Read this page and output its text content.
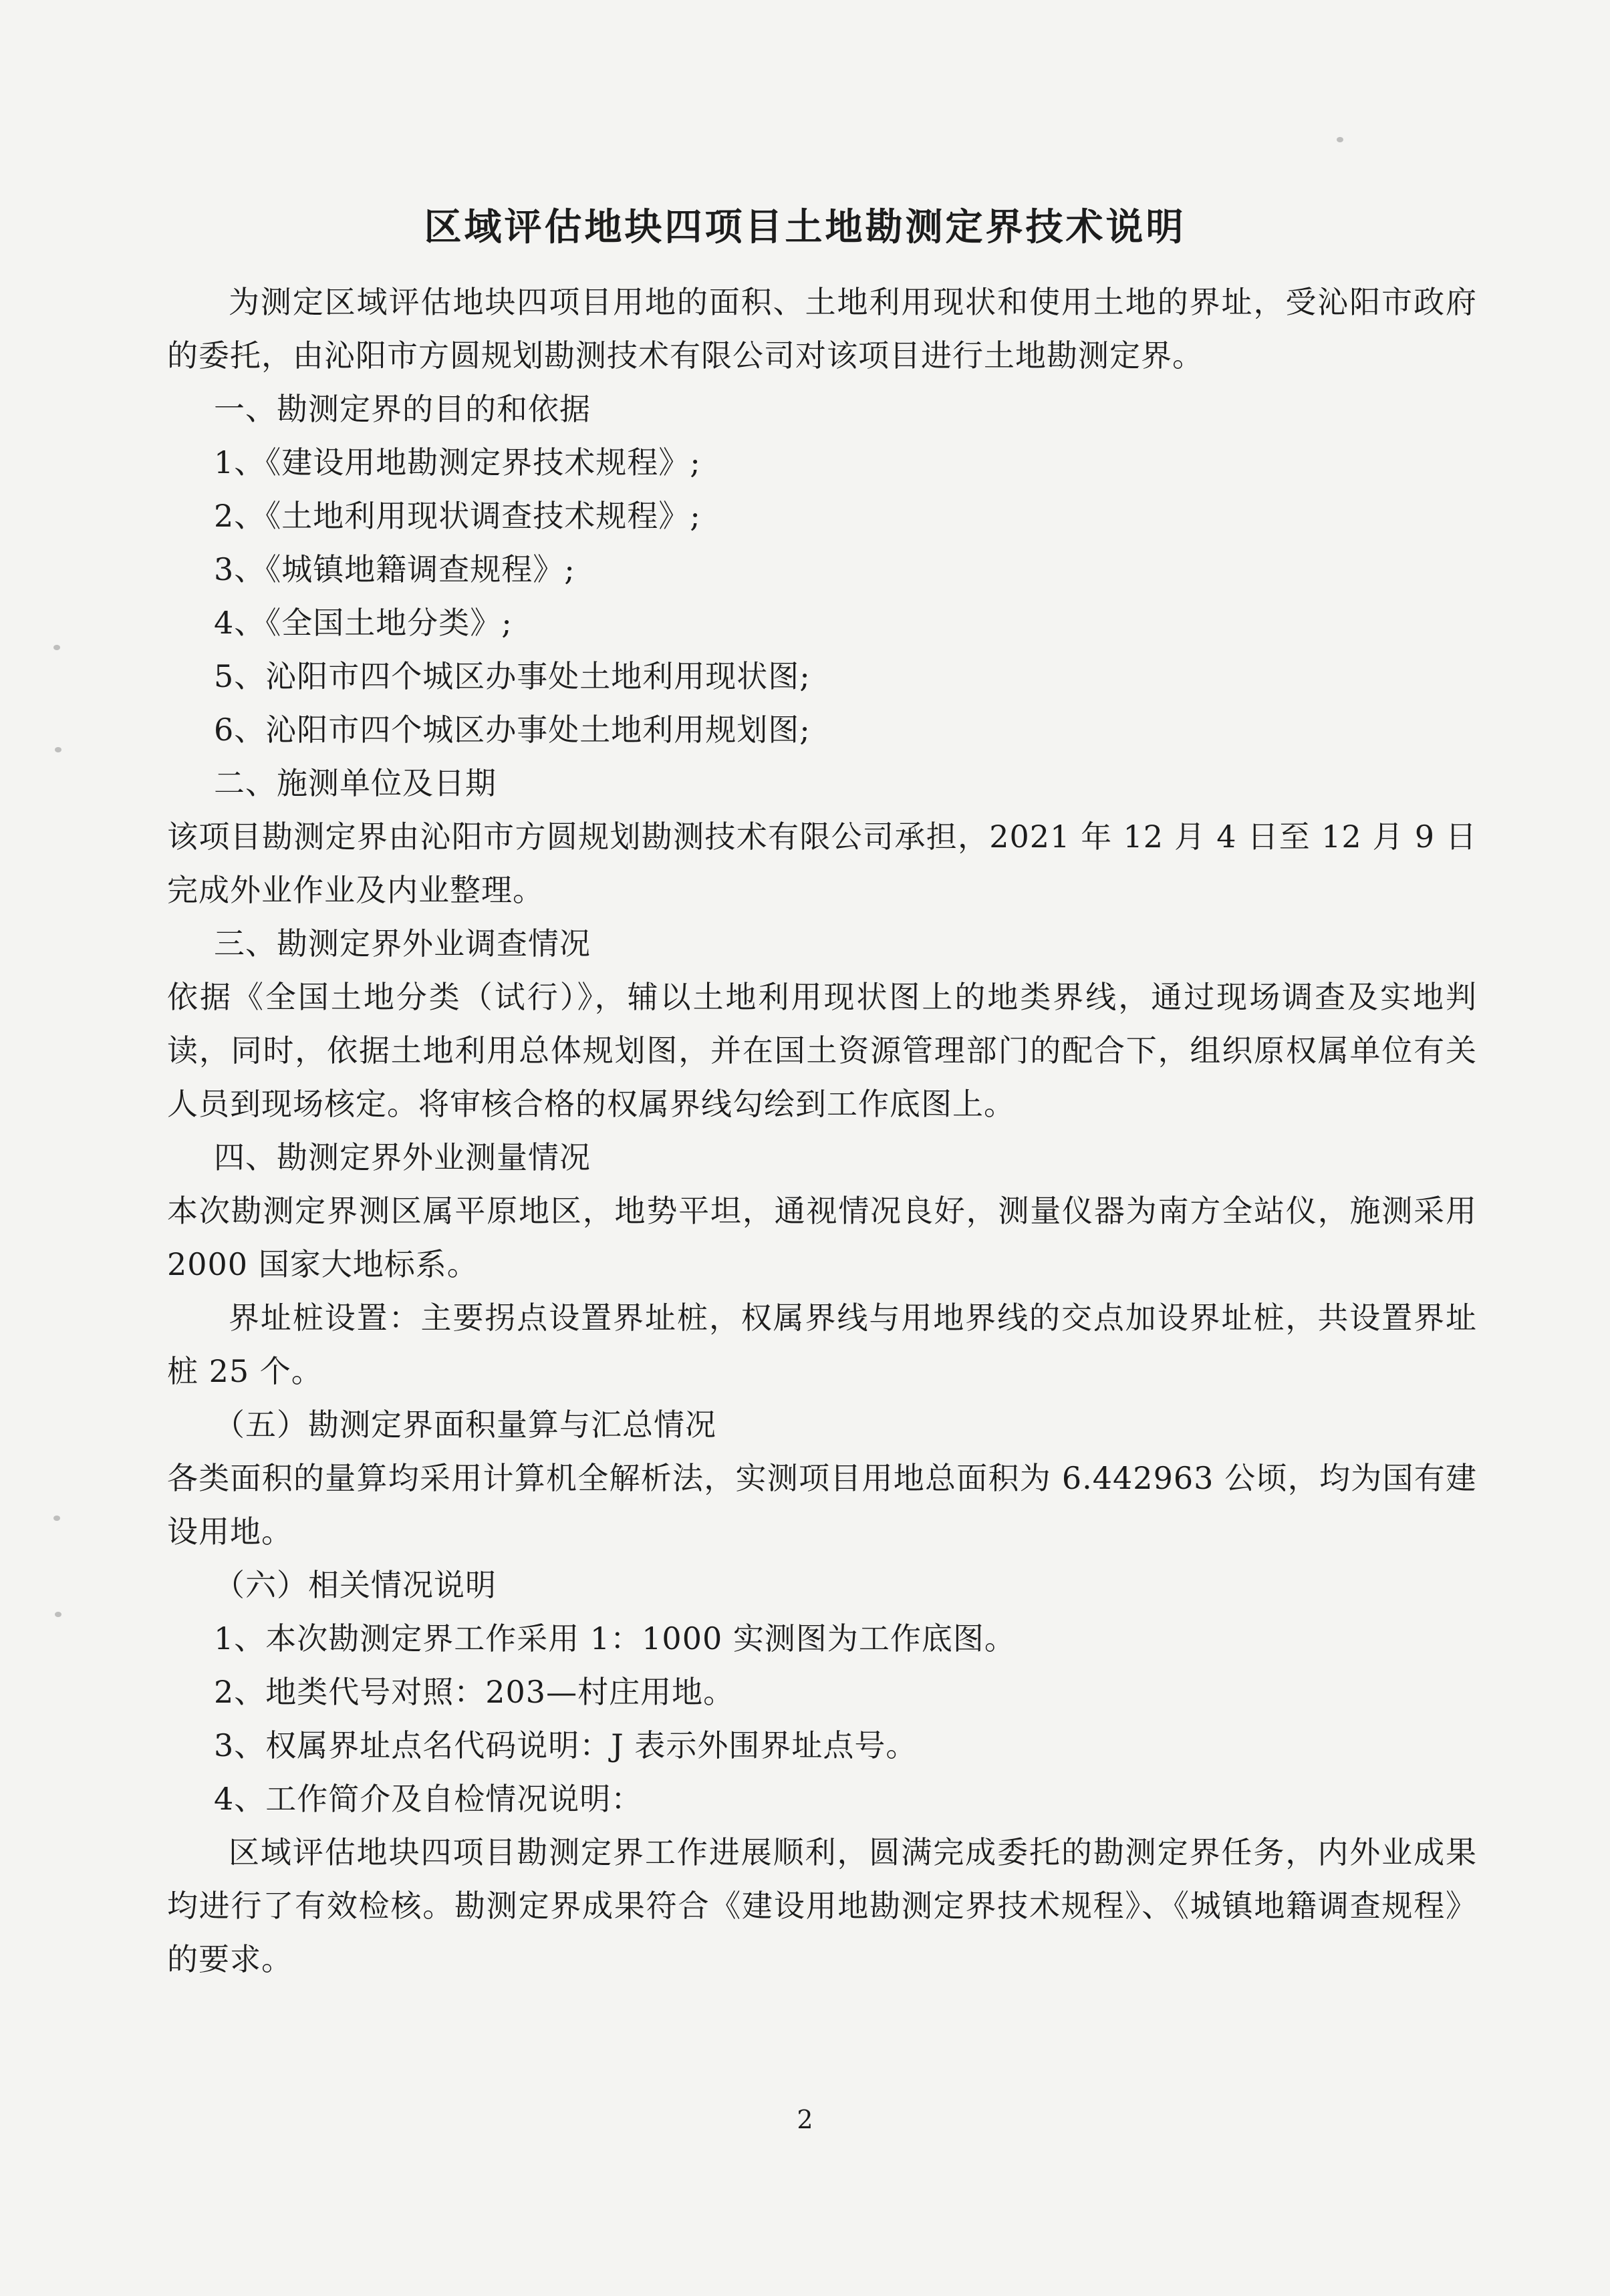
区域评估地块四项目土地勘测定界技术说明

为测定区域评估地块四项目用地的面积、土地利用现状和使用土地的界址，受沁阳市政府的委托，由沁阳市方圆规划勘测技术有限公司对该项目进行土地勘测定界。

一、勘测定界的目的和依据

1、《建设用地勘测定界技术规程》;

2、《土地利用现状调查技术规程》;

3、《城镇地籍调查规程》;

4、《全国土地分类》;

5、沁阳市四个城区办事处土地利用现状图;

6、沁阳市四个城区办事处土地利用规划图;

二、施测单位及日期

该项目勘测定界由沁阳市方圆规划勘测技术有限公司承担，2021 年 12 月 4 日至 12 月 9 日完成外业作业及内业整理。

三、勘测定界外业调查情况

依据《全国土地分类（试行）》，辅以土地利用现状图上的地类界线，通过现场调查及实地判读，同时，依据土地利用总体规划图，并在国土资源管理部门的配合下，组织原权属单位有关人员到现场核定。将审核合格的权属界线勾绘到工作底图上。

四、勘测定界外业测量情况

本次勘测定界测区属平原地区，地势平坦，通视情况良好，测量仪器为南方全站仪，施测采用 2000 国家大地标系。

界址桩设置：主要拐点设置界址桩，权属界线与用地界线的交点加设界址桩，共设置界址桩 25 个。

（五）勘测定界面积量算与汇总情况

各类面积的量算均采用计算机全解析法，实测项目用地总面积为 6.442963 公顷，均为国有建设用地。

（六）相关情况说明

1、本次勘测定界工作采用 1：1000 实测图为工作底图。

2、地类代号对照：203—村庄用地。

3、权属界址点名代码说明：J 表示外围界址点号。

4、工作简介及自检情况说明：

区域评估地块四项目勘测定界工作进展顺利，圆满完成委托的勘测定界任务，内外业成果均进行了有效检核。勘测定界成果符合《建设用地勘测定界技术规程》、《城镇地籍调查规程》的要求。

2
